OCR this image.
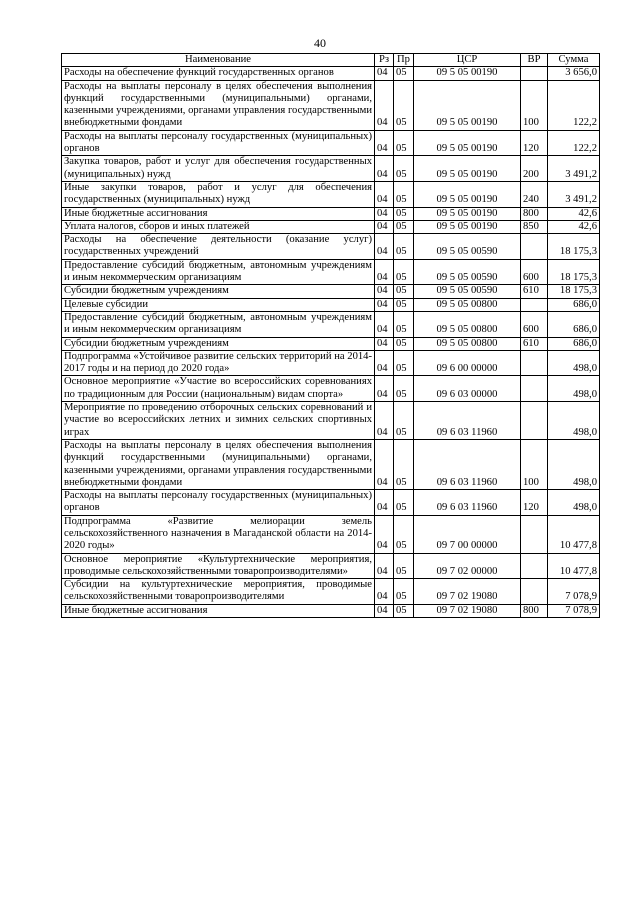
40
Наименование	Рз	Пр	ЦСР	ВР	Сумма
Расходы на обеспечение функций государственных органов	04	05	09 5 05 00190		3 656,0
Расходы на выплаты персоналу в целях обеспечения выполнения функций государственными (муниципальными) органами, казенными учреждениями, органами управления государственными внебюджетными фондами	04	05	09 5 05 00190	100	122,2
Расходы на выплаты персоналу государственных (муниципальных) органов	04	05	09 5 05 00190	120	122,2
Закупка товаров, работ и услуг для обеспечения государственных (муниципальных) нужд	04	05	09 5 05 00190	200	3 491,2
Иные закупки товаров, работ и услуг для обеспечения государственных (муниципальных) нужд	04	05	09 5 05 00190	240	3 491,2
Иные бюджетные ассигнования	04	05	09 5 05 00190	800	42,6
Уплата налогов, сборов и иных платежей	04	05	09 5 05 00190	850	42,6
Расходы на обеспечение деятельности (оказание услуг) государственных учреждений	04	05	09 5 05 00590		18 175,3
Предоставление субсидий бюджетным, автономным учреждениям и иным некоммерческим организациям	04	05	09 5 05 00590	600	18 175,3
Субсидии бюджетным учреждениям	04	05	09 5 05 00590	610	18 175,3
Целевые субсидии	04	05	09 5 05 00800		686,0
Предоставление субсидий бюджетным, автономным учреждениям и иным некоммерческим организациям	04	05	09 5 05 00800	600	686,0
Субсидии бюджетным учреждениям	04	05	09 5 05 00800	610	686,0
Подпрограмма «Устойчивое развитие сельских территорий на 2014-2017 годы и на период до 2020 года»	04	05	09 6 00 00000		498,0
Основное мероприятие «Участие во всероссийских соревнованиях по традиционным для России (национальным) видам спорта»	04	05	09 6 03 00000		498,0
Мероприятие по проведению отборочных сельских соревнований и участие во всероссийских летних и зимних сельских спортивных играх	04	05	09 6 03 11960		498,0
Расходы на выплаты персоналу в целях обеспечения выполнения функций государственными (муниципальными) органами, казенными учреждениями, органами управления государственными внебюджетными фондами	04	05	09 6 03 11960	100	498,0
Расходы на выплаты персоналу государственных (муниципальных) органов	04	05	09 6 03 11960	120	498,0
Подпрограмма «Развитие мелиорации земель сельскохозяйственного назначения в Магаданской области на 2014-2020 годы»	04	05	09 7 00 00000		10 477,8
Основное мероприятие «Культуртехнические мероприятия, проводимые сельскохозяйственными товаропроизводителями»	04	05	09 7 02 00000		10 477,8
Субсидии на культуртехнические мероприятия, проводимые сельскохозяйственными товаропроизводителями	04	05	09 7 02 19080		7 078,9
Иные бюджетные ассигнования	04	05	09 7 02 19080	800	7 078,9
